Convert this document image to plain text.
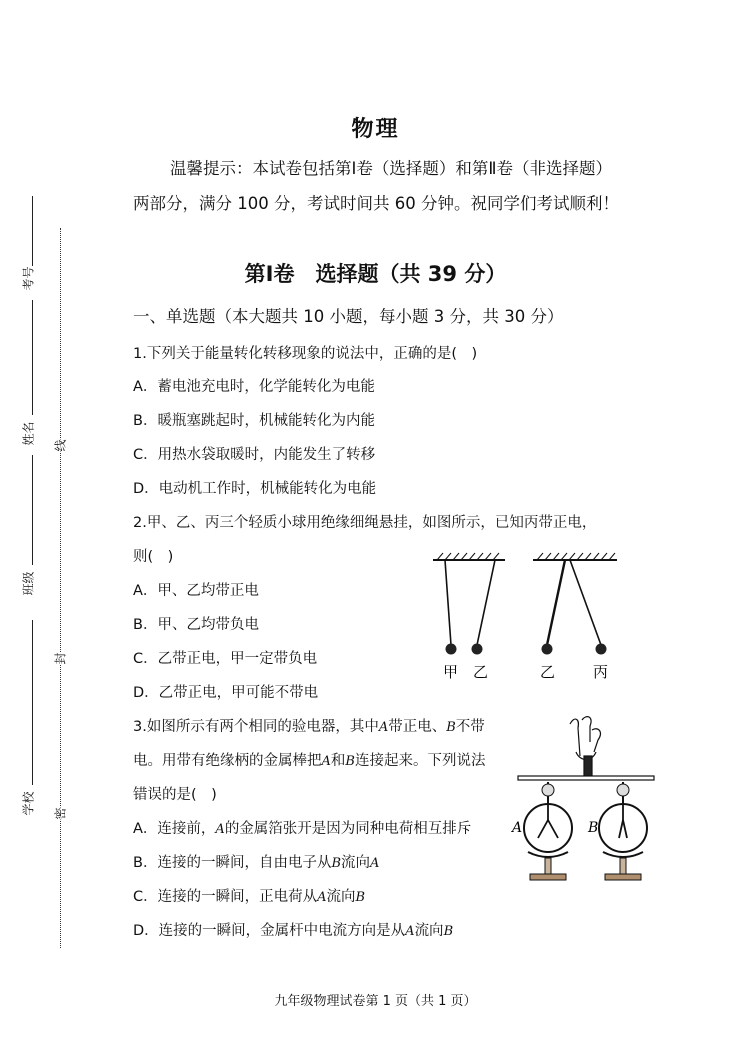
考号
姓名
班级
学校
线
封
密
物理
温馨提示：本试卷包括第Ⅰ卷（选择题）和第Ⅱ卷（非选择题）
两部分，满分 100 分，考试时间共 60 分钟。祝同学们考试顺利！
第Ⅰ卷　选择题（共 39 分）
一、单选题（本大题共 10 小题，每小题 3 分，共 30 分）
1.下列关于能量转化转移现象的说法中，正确的是(　)
A．蓄电池充电时，化学能转化为电能
B．暖瓶塞跳起时，机械能转化为内能
C．用热水袋取暖时，内能发生了转移
D．电动机工作时，机械能转化为电能
2.甲、乙、丙三个轻质小球用绝缘细绳悬挂，如图所示，已知丙带正电，
则(　)
A．甲、乙均带正电
B．甲、乙均带负电
C．乙带正电，甲一定带负电
D．乙带正电，甲可能不带电
甲 乙	乙	丙
3.如图所示有两个相同的验电器，其中A带正电、B不带
电。用带有绝缘柄的金属棒把A和B连接起来。下列说法
错误的是(　)
A．连接前，A的金属箔张开是因为同种电荷相互排斥
B．连接的一瞬间，自由电子从B流向A
C．连接的一瞬间，正电荷从A流向B
D．连接的一瞬间，金属杆中电流方向是从A流向B
A	B
九年级物理试卷第 1 页（共 1 页）
